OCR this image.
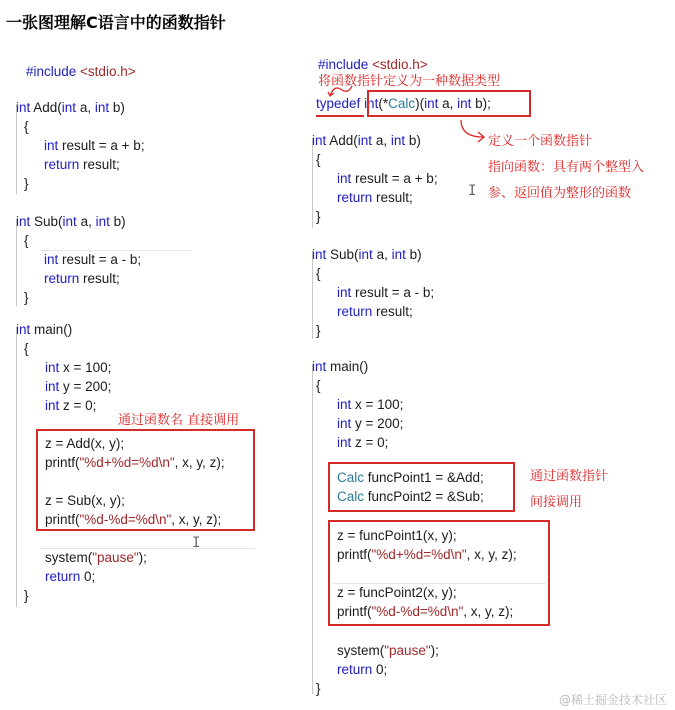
一张图理解C语言中的函数指针
#include <stdio.h>
int Add(int a, int b)
{
int result = a + b;
return result;
}
int Sub(int a, int b)
{
int result = a - b;
return result;
}
int main()
{
int x = 100;
int y = 200;
int z = 0;
通过函数名 直接调用
z = Add(x, y);
printf("%d+%d=%d\n", x, y, z);
z = Sub(x, y);
printf("%d-%d=%d\n", x, y, z);
system("pause");
I
return 0;
}
#include <stdio.h>
将函数指针定义为一种数据类型
typedef int(*Calc)(int a, int b);
定义一个函数指针
指向函数：具有两个整型入
参、返回值为整形的函数
int Add(int a, int b)
{
int result = a + b;
return result;	I
}
int Sub(int a, int b)
{
int result = a - b;
return result;
}
int main()
{
int x = 100;
int y = 200;
int z = 0;
Calc funcPoint1 = &Add;
Calc funcPoint2 = &Sub;
通过函数指针
间接调用
z = funcPoint1(x, y);
printf("%d+%d=%d\n", x, y, z);
z = funcPoint2(x, y);
printf("%d-%d=%d\n", x, y, z);
system("pause");
return 0;
}
@稀土掘金技术社区
